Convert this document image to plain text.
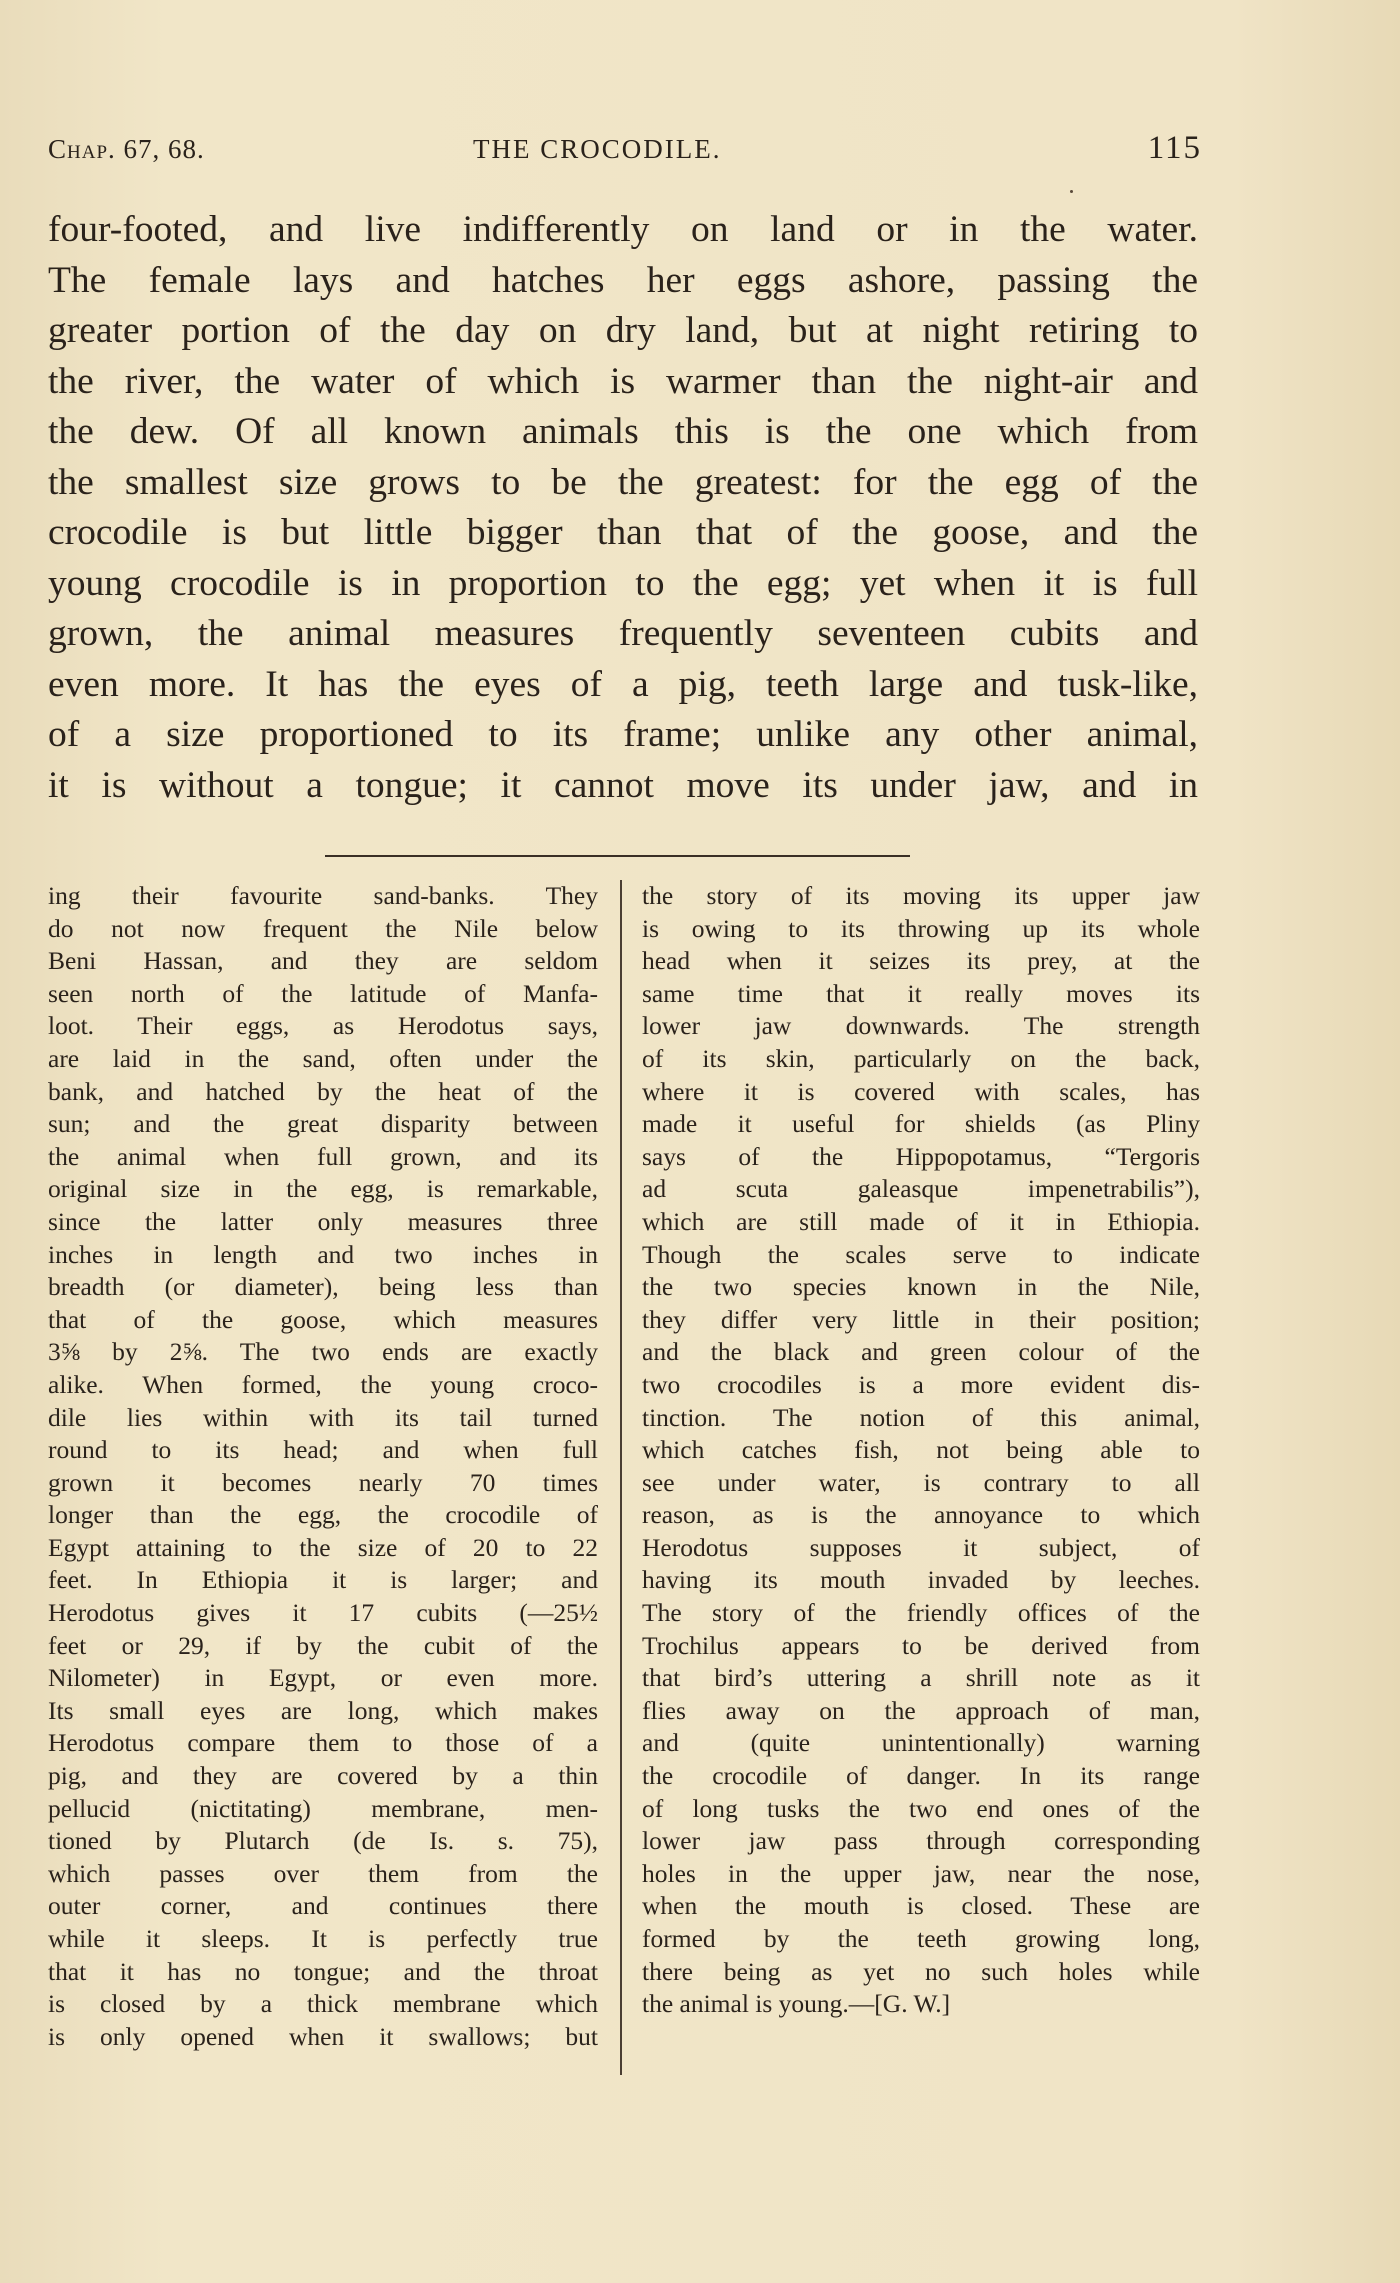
Chap. 67, 68.	THE CROCODILE.	115
four-footed, and live indifferently on land or in the water.
The female lays and hatches her eggs ashore, passing the
greater portion of the day on dry land, but at night retiring to
the river, the water of which is warmer than the night-air and
the dew. Of all known animals this is the one which from
the smallest size grows to be the greatest: for the egg of the
crocodile is but little bigger than that of the goose, and the
young crocodile is in proportion to the egg; yet when it is full
grown, the animal measures frequently seventeen cubits and
even more. It has the eyes of a pig, teeth large and tusk-like,
of a size proportioned to its frame; unlike any other animal,
it is without a tongue; it cannot move its under jaw, and in
ing their favourite sand-banks. They
do not now frequent the Nile below
Beni Hassan, and they are seldom
seen north of the latitude of Manfa-
loot. Their eggs, as Herodotus says,
are laid in the sand, often under the
bank, and hatched by the heat of the
sun; and the great disparity between
the animal when full grown, and its
original size in the egg, is remarkable,
since the latter only measures three
inches in length and two inches in
breadth (or diameter), being less than
that of the goose, which measures
3⅝ by 2⅝. The two ends are exactly
alike. When formed, the young croco-
dile lies within with its tail turned
round to its head; and when full
grown it becomes nearly 70 times
longer than the egg, the crocodile of
Egypt attaining to the size of 20 to 22
feet. In Ethiopia it is larger; and
Herodotus gives it 17 cubits (—25½
feet or 29, if by the cubit of the
Nilometer) in Egypt, or even more.
Its small eyes are long, which makes
Herodotus compare them to those of a
pig, and they are covered by a thin
pellucid (nictitating) membrane, men-
tioned by Plutarch (de Is. s. 75),
which passes over them from the
outer corner, and continues there
while it sleeps. It is perfectly true
that it has no tongue; and the throat
is closed by a thick membrane which
is only opened when it swallows; but
the story of its moving its upper jaw
is owing to its throwing up its whole
head when it seizes its prey, at the
same time that it really moves its
lower jaw downwards. The strength
of its skin, particularly on the back,
where it is covered with scales, has
made it useful for shields (as Pliny
says of the Hippopotamus, “Tergoris
ad scuta galeasque impenetrabilis”),
which are still made of it in Ethiopia.
Though the scales serve to indicate
the two species known in the Nile,
they differ very little in their position;
and the black and green colour of the
two crocodiles is a more evident dis-
tinction. The notion of this animal,
which catches fish, not being able to
see under water, is contrary to all
reason, as is the annoyance to which
Herodotus supposes it subject, of
having its mouth invaded by leeches.
The story of the friendly offices of the
Trochilus appears to be derived from
that bird’s uttering a shrill note as it
flies away on the approach of man,
and (quite unintentionally) warning
the crocodile of danger. In its range
of long tusks the two end ones of the
lower jaw pass through corresponding
holes in the upper jaw, near the nose,
when the mouth is closed. These are
formed by the teeth growing long,
there being as yet no such holes while
the animal is young.—[G. W.]
